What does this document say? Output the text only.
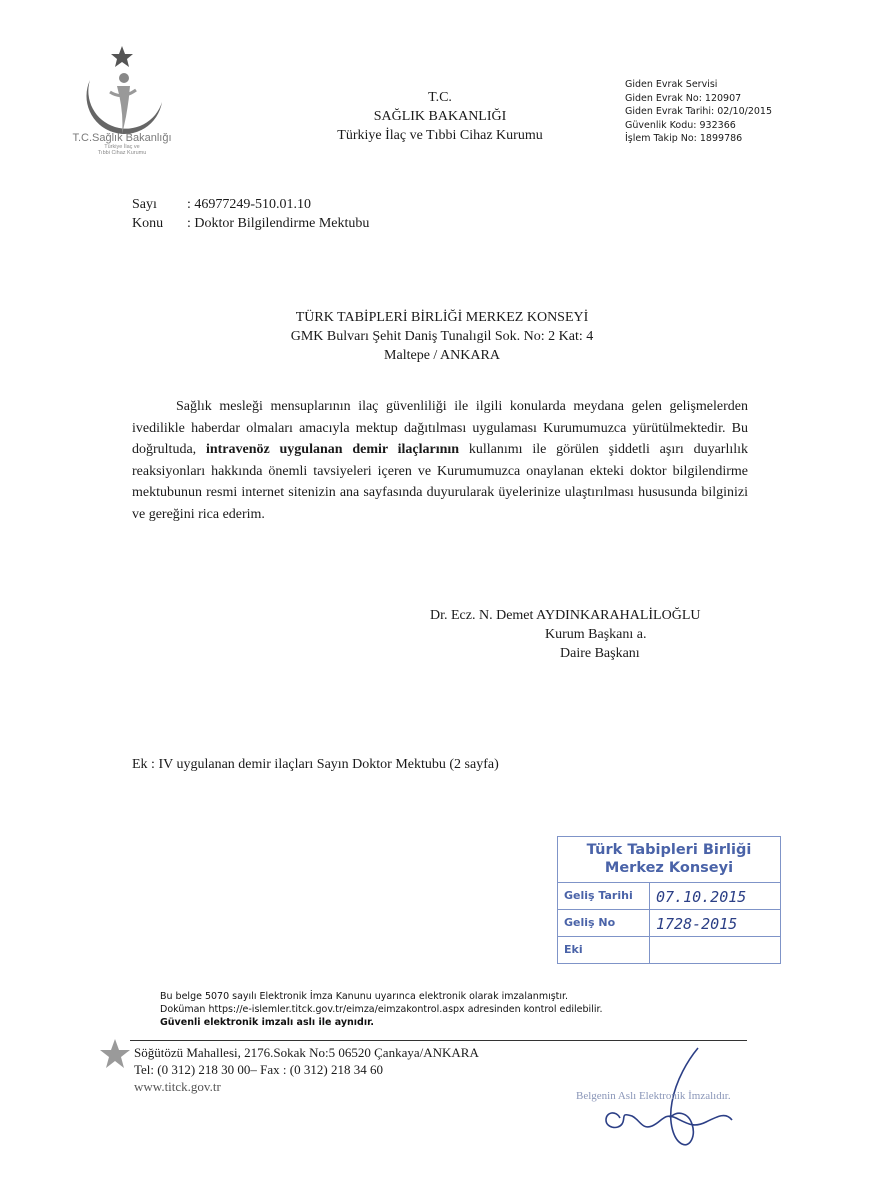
T.C.Sağlık Bakanlığı
Türkiye İlaç ve
Tıbbi Cihaz Kurumu
T.C.
SAĞLIK BAKANLIĞI
Türkiye İlaç ve Tıbbi Cihaz Kurumu
Giden Evrak Servisi
Giden Evrak No: 120907
Giden Evrak Tarihi: 02/10/2015
Güvenlik Kodu: 932366
İşlem Takip No: 1899786
Sayı	: 46977249-510.01.10
Konu	: Doktor Bilgilendirme Mektubu
TÜRK TABİPLERİ BİRLİĞİ MERKEZ KONSEYİ
GMK Bulvarı Şehit Daniş Tunalıgil Sok. No: 2 Kat: 4
Maltepe / ANKARA
Sağlık mesleği mensuplarının ilaç güvenliliği ile ilgili konularda meydana gelen gelişmelerden ivedilikle haberdar olmaları amacıyla mektup dağıtılması uygulaması Kurumumuzca yürütülmektedir. Bu doğrultuda, intravenöz uygulanan demir ilaçlarının kullanımı ile görülen şiddetli aşırı duyarlılık reaksiyonları hakkında önemli tavsiyeleri içeren ve Kurumumuzca onaylanan ekteki doktor bilgilendirme mektubunun resmi internet sitenizin ana sayfasında duyurularak üyelerinize ulaştırılması hususunda bilginizi ve gereğini rica ederim.
Dr. Ecz. N. Demet AYDINKARAHALİLOĞLU
Kurum Başkanı a.
Daire Başkanı
Ek : IV uygulanan demir ilaçları Sayın Doktor Mektubu (2 sayfa)
Türk Tabipleri Birliği
Merkez Konseyi
Geliş Tarihi	07.10.2015
Geliş No	1728-2015
Eki
Bu belge 5070 sayılı Elektronik İmza Kanunu uyarınca elektronik olarak imzalanmıştır.
Doküman https://e-islemler.titck.gov.tr/eimza/eimzakontrol.aspx adresinden kontrol edilebilir.
Güvenli elektronik imzalı aslı ile aynıdır.
Söğütözü Mahallesi, 2176.Sokak No:5 06520 Çankaya/ANKARA
Tel: (0 312) 218 30 00– Fax : (0 312) 218 34 60
www.titck.gov.tr
Belgenin Aslı Elektronik İmzalıdır.
